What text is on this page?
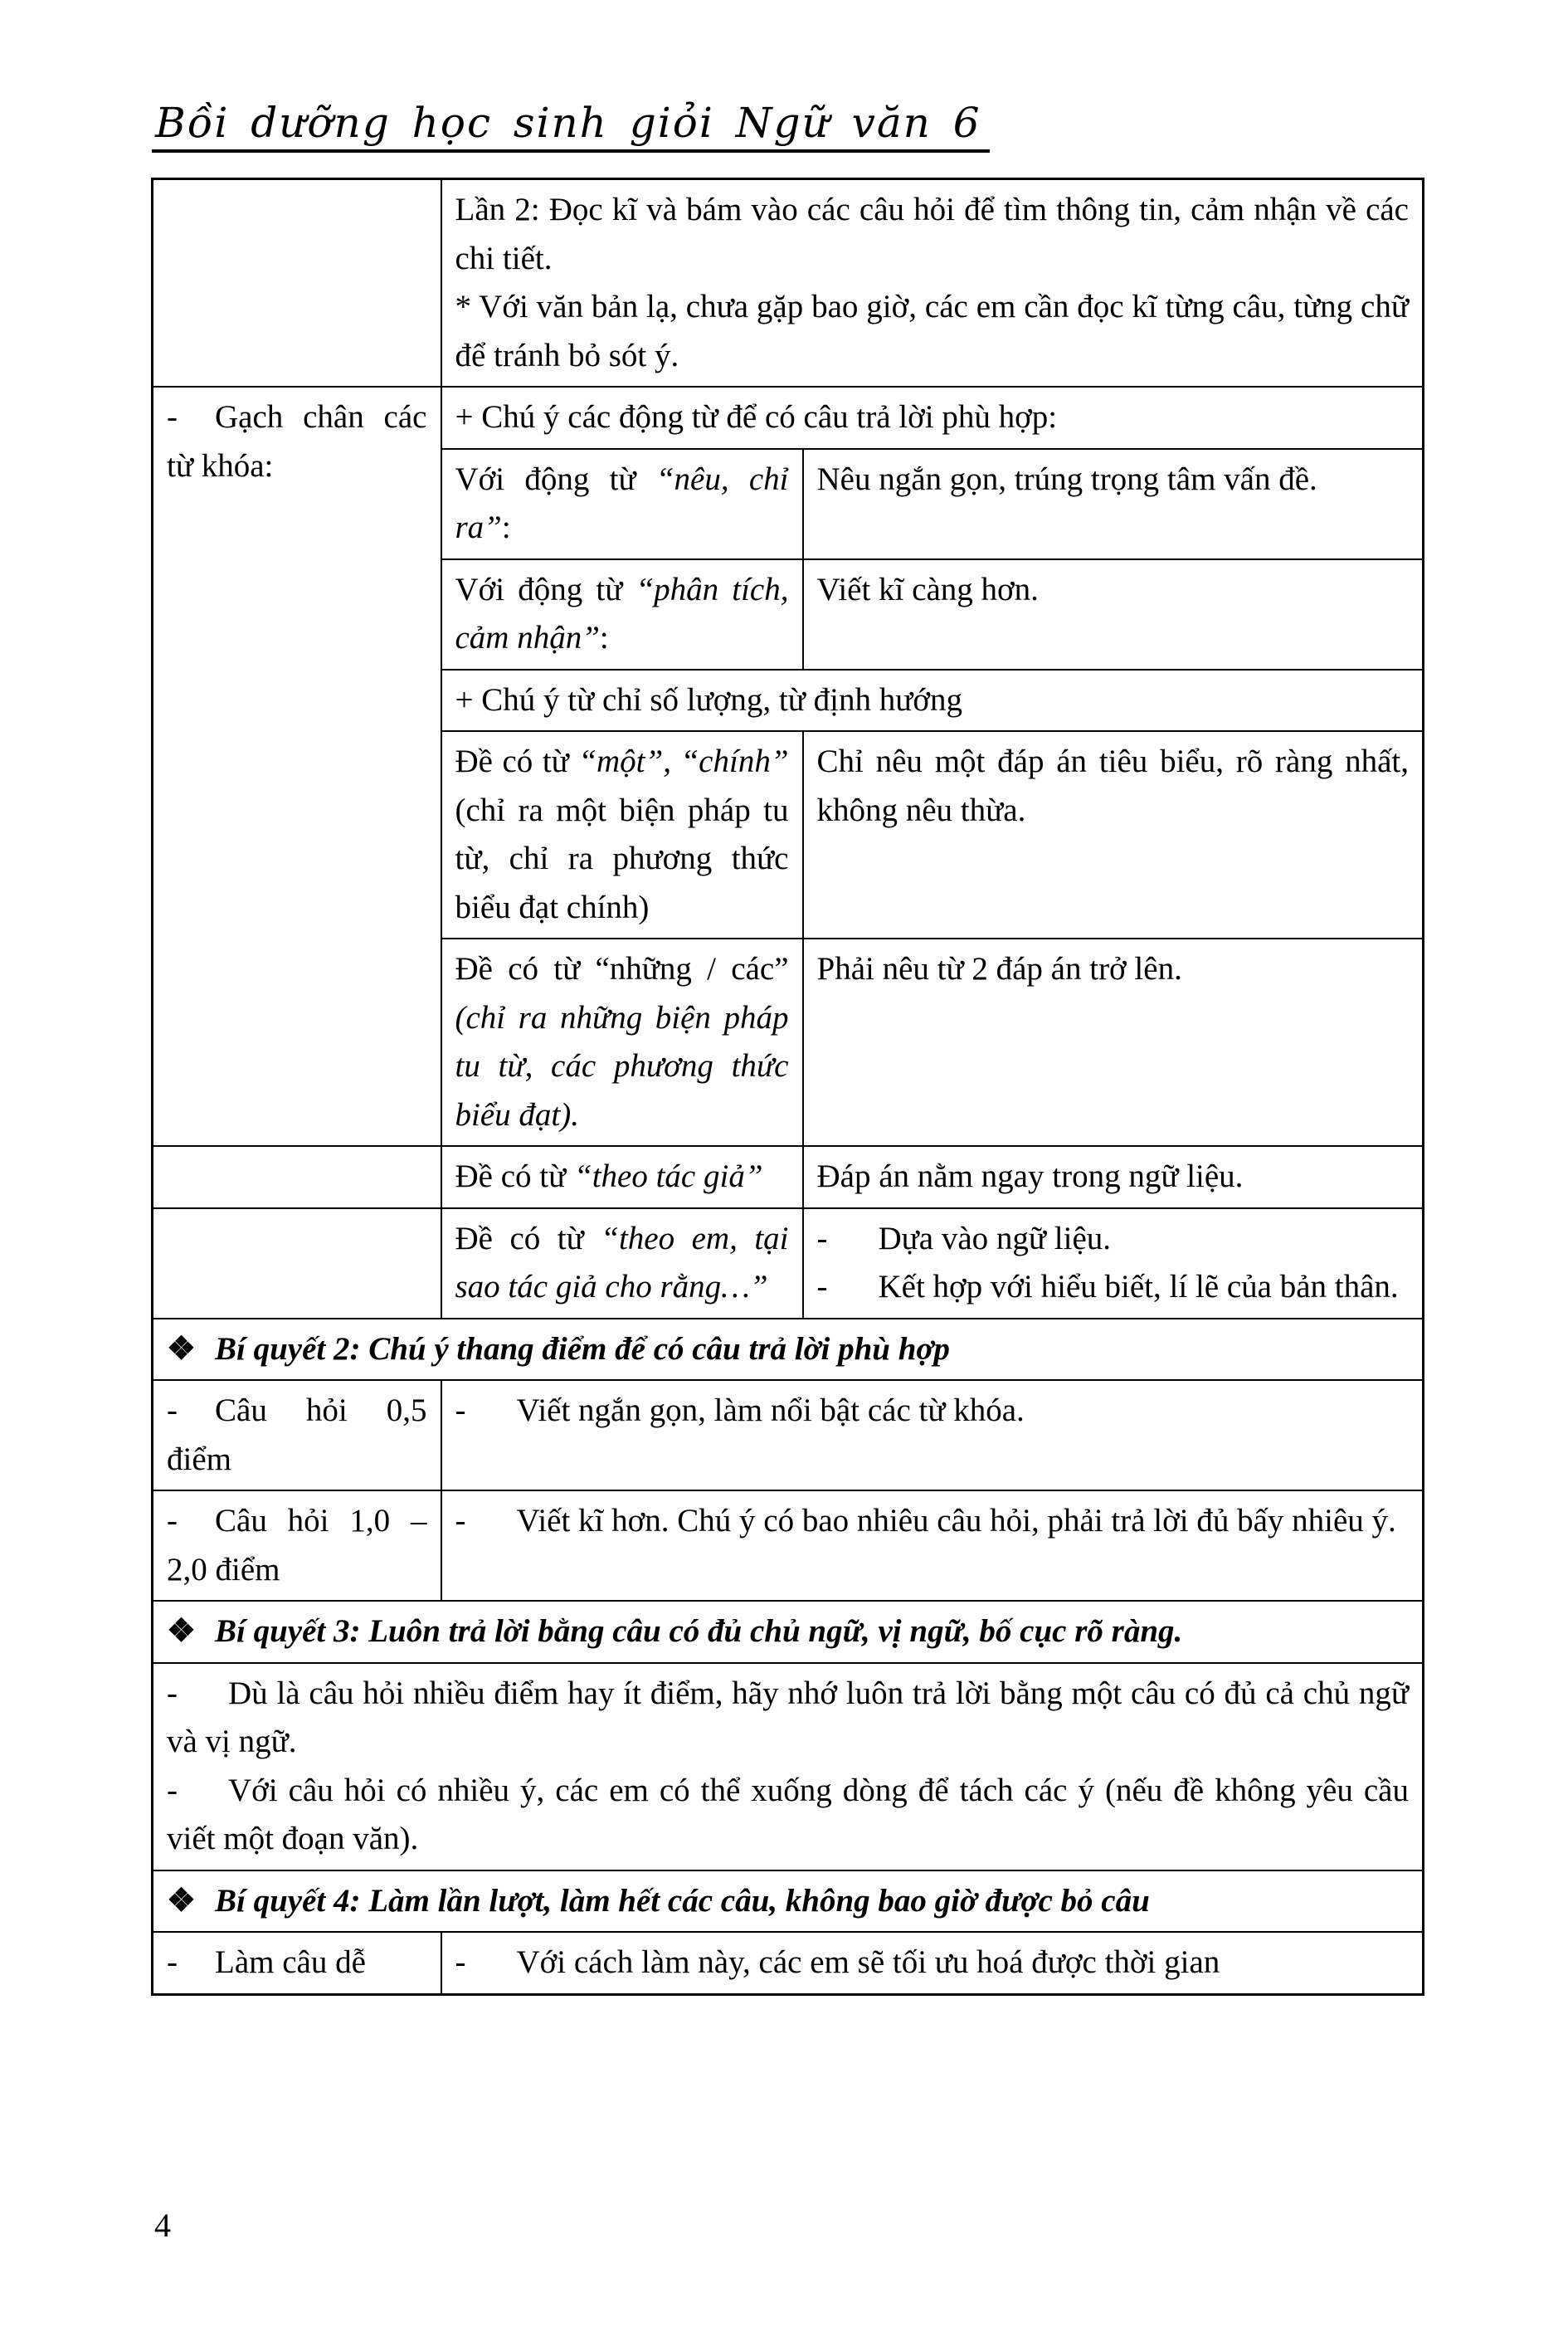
Bồi dưỡng học sinh giỏi Ngữ văn 6

	Lần 2: Đọc kĩ và bám vào các câu hỏi để tìm thông tin, cảm nhận về các chi tiết.

* Với văn bản lạ, chưa gặp bao giờ, các em cần đọc kĩ từng câu, từng chữ để tránh bỏ sót ý.	

- Gạch chân các từ khóa:	+ Chú ý các động từ để có câu trả lời phù hợp:	

	Với động từ “nêu, chỉ ra”:	Nêu ngắn gọn, trúng trọng tâm vấn đề.

	Với động từ “phân tích, cảm nhận”:	Viết kĩ càng hơn.

	+ Chú ý từ chỉ số lượng, từ định hướng	

	Đề có từ “một”, “chính” (chỉ ra một biện pháp tu từ, chỉ ra phương thức biểu đạt chính)	Chỉ nêu một đáp án tiêu biểu, rõ ràng nhất, không nêu thừa.

	Đề có từ “những / các” (chỉ ra những biện pháp tu từ, các phương thức biểu đạt).	Phải nêu từ 2 đáp án trở lên.

	Đề có từ “theo tác giả”	Đáp án nằm ngay trong ngữ liệu.

	Đề có từ “theo em, tại sao tác giả cho rằng…”	- Dựa vào ngữ liệu.

- Kết hợp với hiểu biết, lí lẽ của bản thân.

❖ Bí quyết 2: Chú ý thang điểm để có câu trả lời phù hợp		

- Câu hỏi 0,5 điểm	- Viết ngắn gọn, làm nổi bật các từ khóa.	

- Câu hỏi 1,0 – 2,0 điểm	- Viết kĩ hơn. Chú ý có bao nhiêu câu hỏi, phải trả lời đủ bấy nhiêu ý.	

❖ Bí quyết 3: Luôn trả lời bằng câu có đủ chủ ngữ, vị ngữ, bố cục rõ ràng.		

- Dù là câu hỏi nhiều điểm hay ít điểm, hãy nhớ luôn trả lời bằng một câu có đủ cả chủ ngữ và vị ngữ.

- Với câu hỏi có nhiều ý, các em có thể xuống dòng để tách các ý (nếu đề không yêu cầu viết một đoạn văn).		

❖ Bí quyết 4: Làm lần lượt, làm hết các câu, không bao giờ được bỏ câu		

- Làm câu dễ	- Với cách làm này, các em sẽ tối ưu hoá được thời gian	

4
